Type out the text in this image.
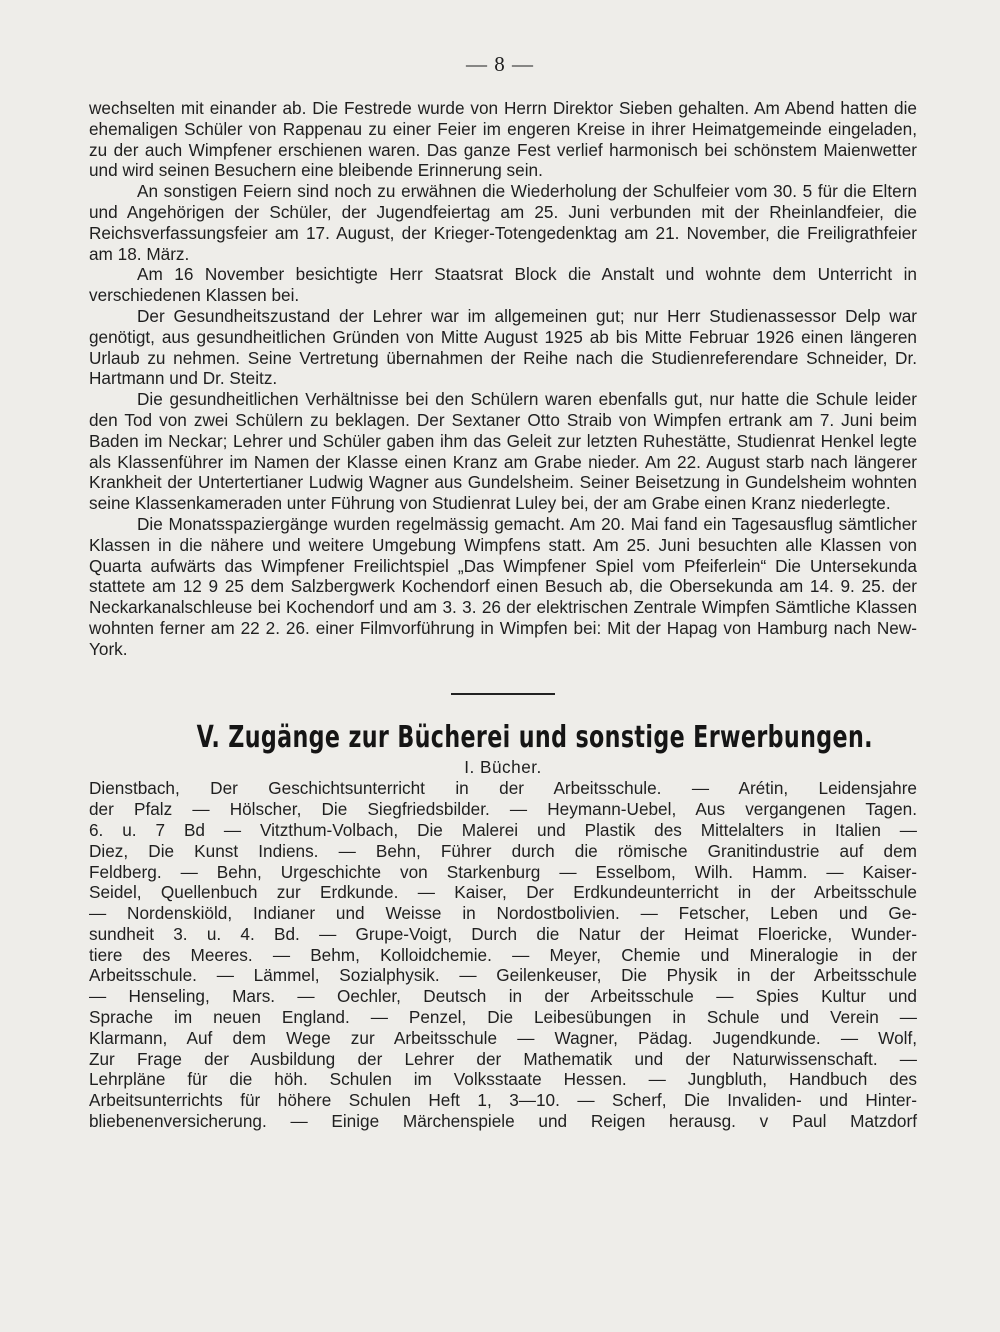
— 8 —

wechselten mit einander ab. Die Festrede wurde von Herrn Direktor Sieben gehalten. Am Abend hatten die ehemaligen Schüler von Rappenau zu einer Feier im engeren Kreise in ihrer Heimatgemeinde eingeladen, zu der auch Wimpfener erschienen waren. Das ganze Fest verlief harmonisch bei schönstem Maienwetter und wird seinen Besuchern eine bleibende Erinnerung sein.

An sonstigen Feiern sind noch zu erwähnen die Wiederholung der Schulfeier vom 30. 5 für die Eltern und Angehörigen der Schüler, der Jugendfeiertag am 25. Juni verbunden mit der Rheinlandfeier, die Reichsverfassungsfeier am 17. August, der Krieger-Totengedenktag am 21. November, die Freiligrathfeier am 18. März.

Am 16 November besichtigte Herr Staatsrat Block die Anstalt und wohnte dem Unterricht in verschiedenen Klassen bei.

Der Gesundheitszustand der Lehrer war im allgemeinen gut; nur Herr Studienassessor Delp war genötigt, aus gesundheitlichen Gründen von Mitte August 1925 ab bis Mitte Februar 1926 einen längeren Urlaub zu nehmen. Seine Vertretung übernahmen der Reihe nach die Studienreferendare Schneider, Dr. Hartmann und Dr. Steitz.

Die gesundheitlichen Verhältnisse bei den Schülern waren ebenfalls gut, nur hatte die Schule leider den Tod von zwei Schülern zu beklagen. Der Sextaner Otto Straib von Wimpfen ertrank am 7. Juni beim Baden im Neckar; Lehrer und Schüler gaben ihm das Geleit zur letzten Ruhestätte, Studienrat Henkel legte als Klassenführer im Namen der Klasse einen Kranz am Grabe nieder. Am 22. August starb nach längerer Krankheit der Untertertianer Ludwig Wagner aus Gundelsheim. Seiner Beisetzung in Gundelsheim wohnten seine Klassenkameraden unter Führung von Studienrat Luley bei, der am Grabe einen Kranz niederlegte.

Die Monatsspaziergänge wurden regelmässig gemacht. Am 20. Mai fand ein Tagesausflug sämtlicher Klassen in die nähere und weitere Umgebung Wimpfens statt. Am 25. Juni besuchten alle Klassen von Quarta aufwärts das Wimpfener Freilichtspiel „Das Wimpfener Spiel vom Pfeiferlein“ Die Untersekunda stattete am 12 9 25 dem Salzbergwerk Kochendorf einen Besuch ab, die Obersekunda am 14. 9. 25. der Neckarkanalschleuse bei Kochendorf und am 3. 3. 26 der elektrischen Zentrale Wimpfen Sämtliche Klassen wohnten ferner am 22 2. 26. einer Filmvorführung in Wimpfen bei: Mit der Hapag von Hamburg nach New-York.

V. Zugänge zur Bücherei und sonstige Erwerbungen.
I. Bücher.
Dienstbach, Der Geschichtsunterricht in der Arbeitsschule. — Arétin, Leidensjahre
der Pfalz — Hölscher, Die Siegfriedsbilder. — Heymann-Uebel, Aus vergangenen Tagen.
6. u. 7 Bd — Vitzthum-Volbach, Die Malerei und Plastik des Mittelalters in Italien —
Diez, Die Kunst Indiens. — Behn, Führer durch die römische Granitindustrie auf dem
Feldberg. — Behn, Urgeschichte von Starkenburg — Esselbom, Wilh. Hamm. — Kaiser-
Seidel, Quellenbuch zur Erdkunde. — Kaiser, Der Erdkundeunterricht in der Arbeitsschule
— Nordenskiöld, Indianer und Weisse in Nordostbolivien. — Fetscher, Leben und Ge-
sundheit 3. u. 4. Bd. — Grupe-Voigt, Durch die Natur der Heimat Floericke, Wunder-
tiere des Meeres. — Behm, Kolloidchemie. — Meyer, Chemie und Mineralogie in der
Arbeitsschule. — Lämmel, Sozialphysik. — Geilenkeuser, Die Physik in der Arbeitsschule
— Henseling, Mars. — Oechler, Deutsch in der Arbeitsschule — Spies Kultur und
Sprache im neuen England. — Penzel, Die Leibesübungen in Schule und Verein —
Klarmann, Auf dem Wege zur Arbeitsschule — Wagner, Pädag. Jugendkunde. — Wolf,
Zur Frage der Ausbildung der Lehrer der Mathematik und der Naturwissenschaft. —
Lehrpläne für die höh. Schulen im Volksstaate Hessen. — Jungbluth, Handbuch des
Arbeitsunterrichts für höhere Schulen Heft 1, 3—10. — Scherf, Die Invaliden- und Hinter-
bliebenenversicherung. — Einige Märchenspiele und Reigen herausg. v Paul Matzdorf
